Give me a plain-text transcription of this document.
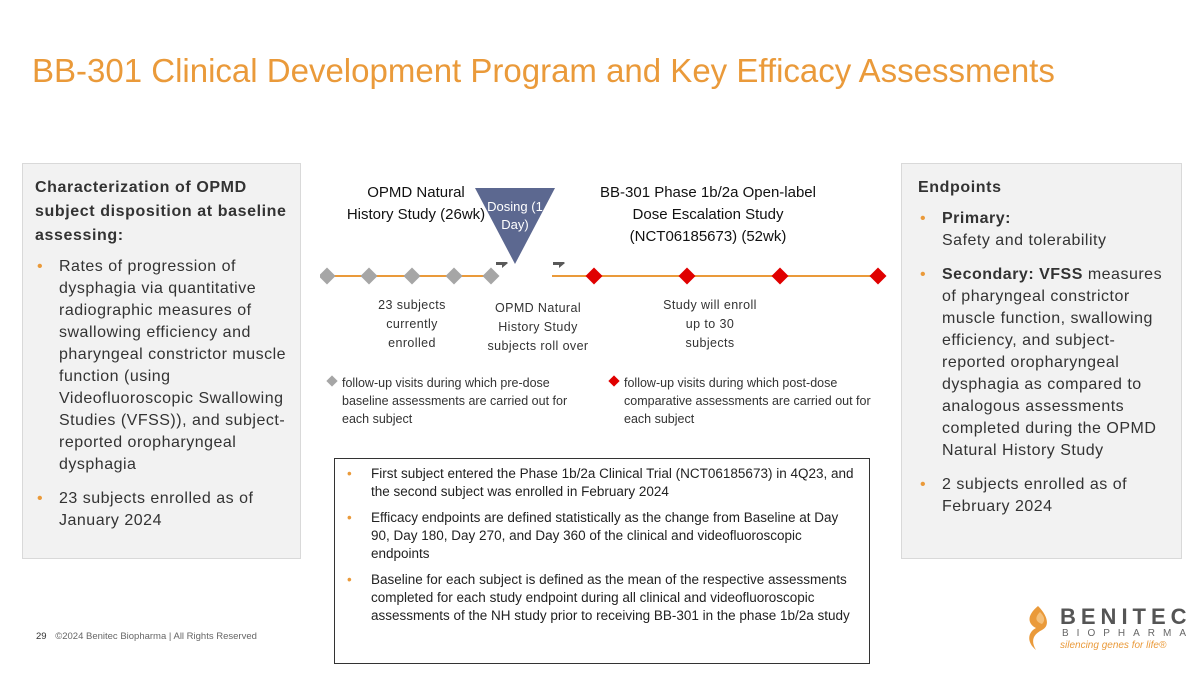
BB-301 Clinical Development Program and Key Efficacy Assessments
Characterization of OPMD subject disposition at baseline assessing:
• Rates of progression of dysphagia via quantitative radiographic measures of swallowing efficiency and pharyngeal constrictor muscle function (using Videofluoroscopic Swallowing Studies (VFSS)), and subject-reported oropharyngeal dysphagia
• 23 subjects enrolled as of January 2024
Endpoints
• Primary:
Safety and tolerability
• Secondary: VFSS measures of pharyngeal constrictor muscle function, swallowing efficiency, and subject-reported oropharyngeal dysphagia as compared to analogous assessments completed during the OPMD Natural History Study
• 2 subjects enrolled as of February 2024
OPMD Natural History Study (26wk)
BB-301 Phase 1b/2a Open-label Dose Escalation Study (NCT06185673) (52wk)
Dosing (1 Day)
23 subjects currently enrolled
OPMD Natural History Study subjects roll over
Study will enroll up to 30 subjects
follow-up visits during which pre-dose baseline assessments are carried out for each subject
follow-up visits during which post-dose comparative assessments are carried out for each subject
• First subject entered the Phase 1b/2a Clinical Trial (NCT06185673) in 4Q23, and the second subject was enrolled in February 2024
• Efficacy endpoints are defined statistically as the change from Baseline at Day 90, Day 180, Day 270, and Day 360 of the clinical and videofluoroscopic endpoints
• Baseline for each subject is defined as the mean of the respective assessments completed for each study endpoint during all clinical and videofluoroscopic assessments of the NH study prior to receiving BB-301 in the phase 1b/2a study
29 ©2024 Benitec Biopharma | All Rights Reserved
BENITEC
BIOPHARMA
silencing genes for life®
